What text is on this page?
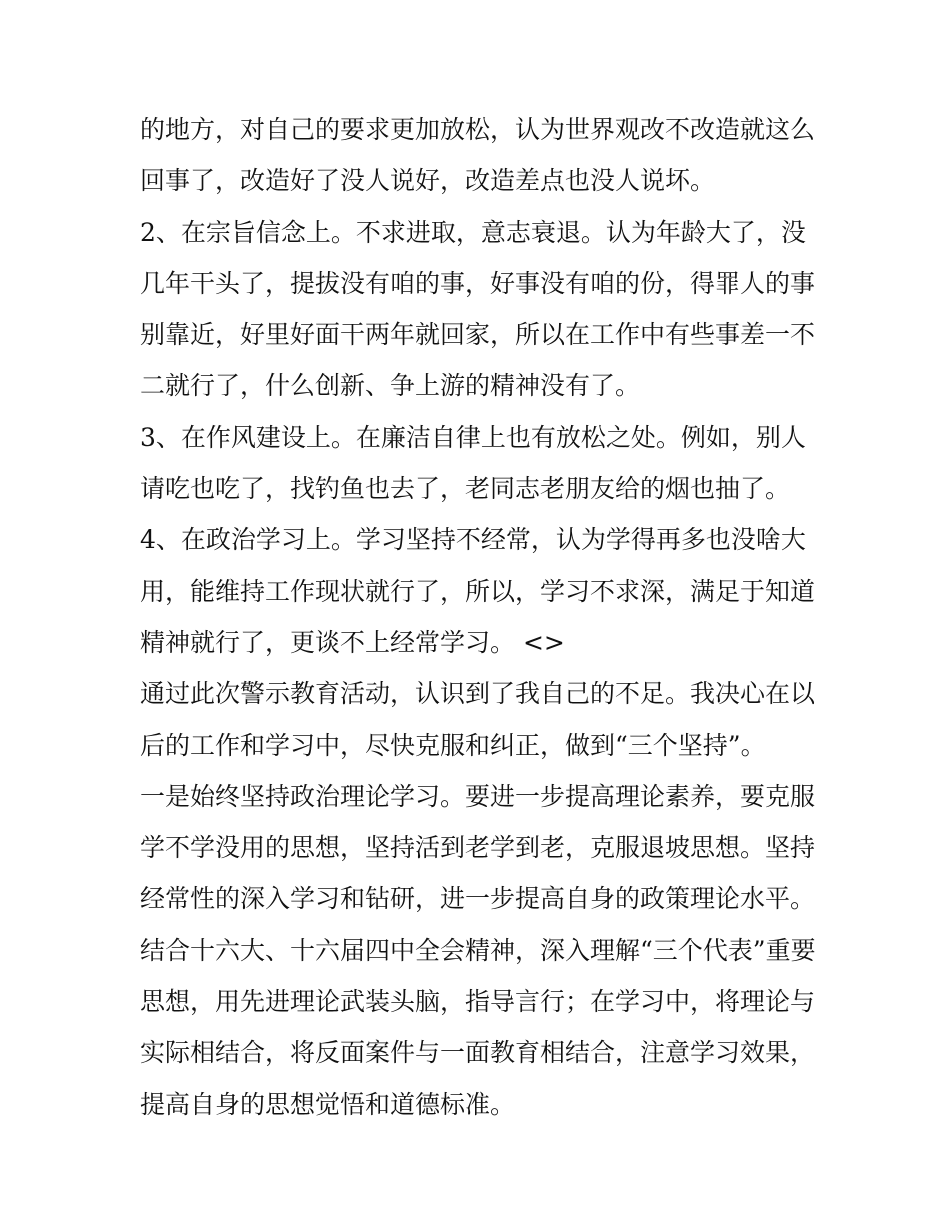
的地方，对自己的要求更加放松，认为世界观改不改造就这么
回事了，改造好了没人说好，改造差点也没人说坏。
2、在宗旨信念上。不求进取，意志衰退。认为年龄大了，没
几年干头了，提拔没有咱的事，好事没有咱的份，得罪人的事
别靠近，好里好面干两年就回家，所以在工作中有些事差一不
二就行了，什么创新、争上游的精神没有了。
3、在作风建设上。在廉洁自律上也有放松之处。例如，别人
请吃也吃了，找钓鱼也去了，老同志老朋友给的烟也抽了。
4、在政治学习上。学习坚持不经常，认为学得再多也没啥大
用，能维持工作现状就行了，所以，学习不求深，满足于知道
精神就行了，更谈不上经常学习。 <>
通过此次警示教育活动，认识到了我自己的不足。我决心在以
后的工作和学习中，尽快克服和纠正，做到“三个坚持”。
一是始终坚持政治理论学习。要进一步提高理论素养，要克服
学不学没用的思想，坚持活到老学到老，克服退坡思想。坚持
经常性的深入学习和钻研，进一步提高自身的政策理论水平。
结合十六大、十六届四中全会精神，深入理解“三个代表”重要
思想，用先进理论武装头脑，指导言行；在学习中，将理论与
实际相结合，将反面案件与一面教育相结合，注意学习效果，
提高自身的思想觉悟和道德标准。
